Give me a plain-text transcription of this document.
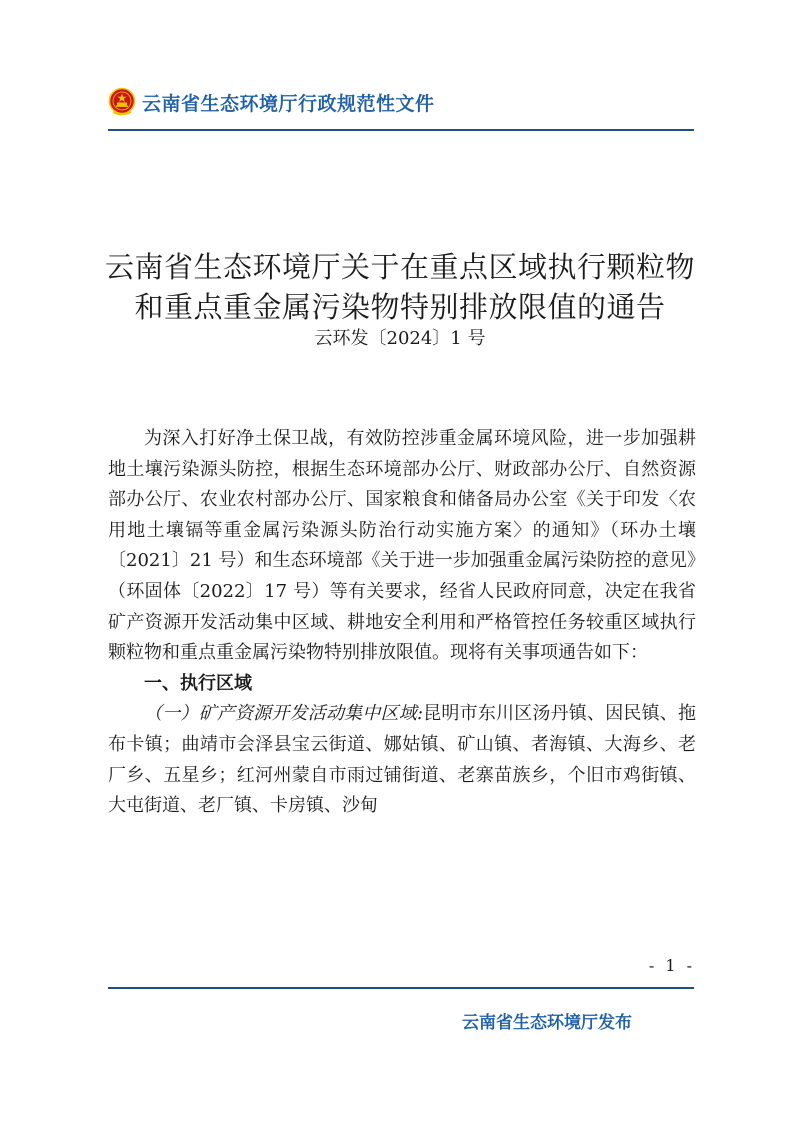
云南省生态环境厅行政规范性文件
云南省生态环境厅关于在重点区域执行颗粒物
和重点重金属污染物特别排放限值的通告
云环发〔2024〕1 号

为深入打好净土保卫战，有效防控涉重金属环境风险，进一步加强耕地土壤污染源头防控，根据生态环境部办公厅、财政部办公厅、自然资源部办公厅、农业农村部办公厅、国家粮食和储备局办公室《关于印发〈农用地土壤镉等重金属污染源头防治行动实施方案〉的通知》（环办土壤〔2021〕21 号）和生态环境部《关于进一步加强重金属污染防控的意见》（环固体〔2022〕17 号）等有关要求，经省人民政府同意，决定在我省矿产资源开发活动集中区域、耕地安全利用和严格管控任务较重区域执行颗粒物和重点重金属污染物特别排放限值。现将有关事项通告如下：

一、执行区域

（一）矿产资源开发活动集中区域:昆明市东川区汤丹镇、因民镇、拖布卡镇；曲靖市会泽县宝云街道、娜姑镇、矿山镇、者海镇、大海乡、老厂乡、五星乡；红河州蒙自市雨过铺街道、老寨苗族乡，个旧市鸡街镇、大屯街道、老厂镇、卡房镇、沙甸

- 1 -
云南省生态环境厅发布
